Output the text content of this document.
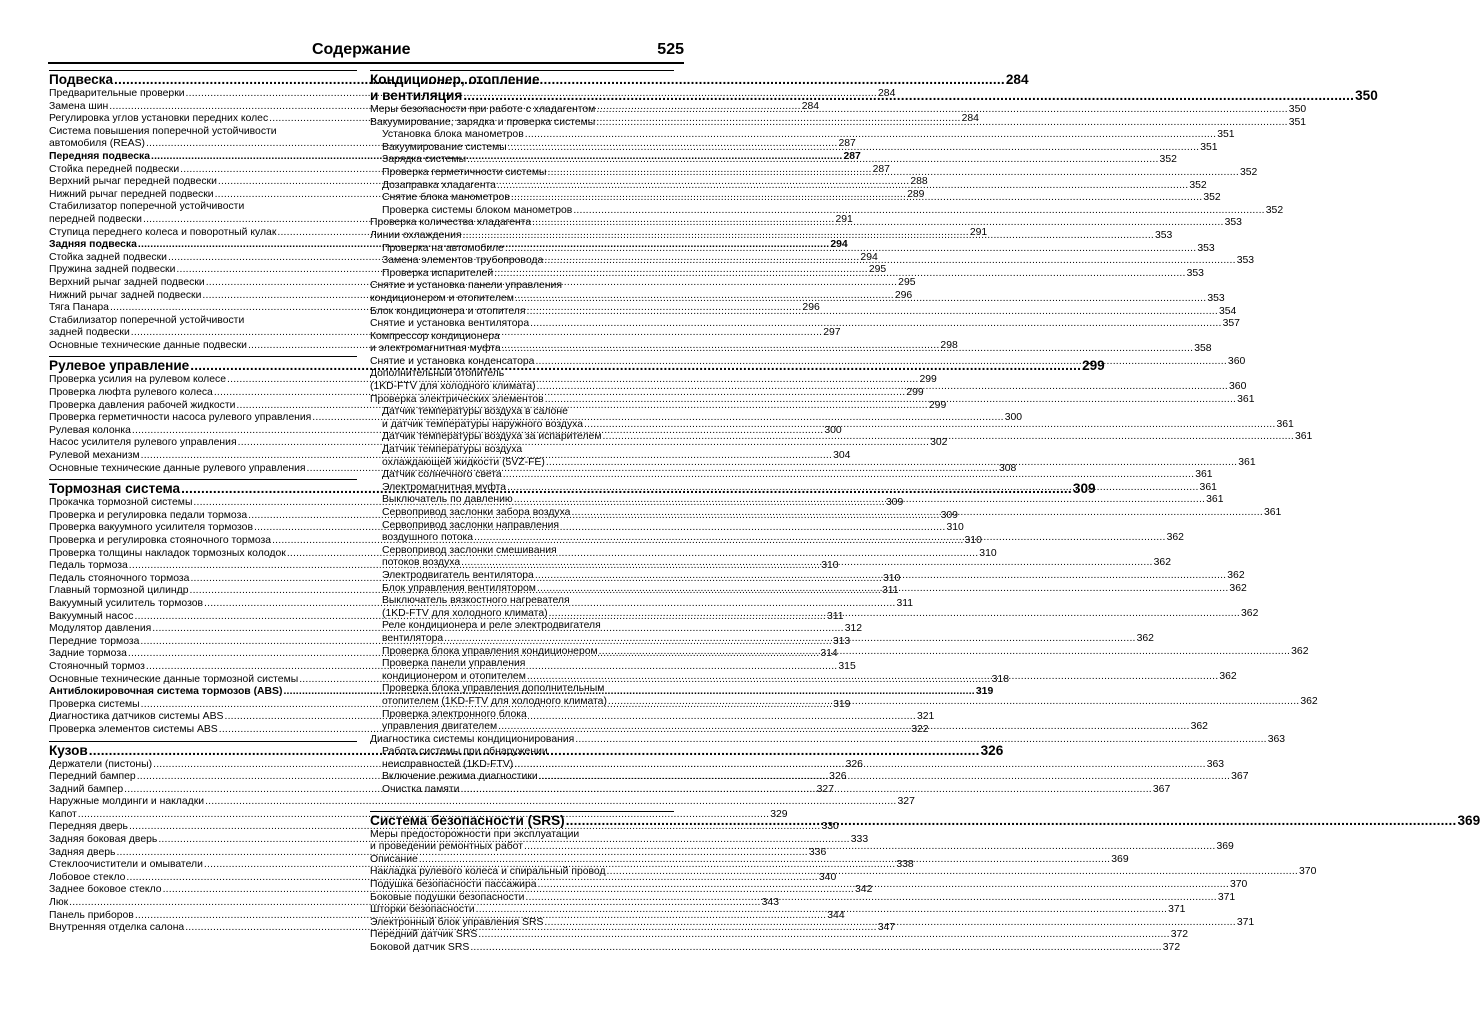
Содержание	525
Подвеска .....	284
Предварительные проверки .....	284
Замена шин .....	284
Регулировка углов установки передних колес .....	284
Система повышения поперечной устойчивости
автомобиля (REAS) .....	287
Передняя подвеска .....	287
Стойка передней подвески .....	287
Верхний рычаг передней подвески .....	288
Нижний рычаг передней подвески .....	289
Стабилизатор поперечной устойчивости
передней подвески .....	291
Ступица переднего колеса и поворотный кулак .....	291
Задняя подвеска .....	294
Стойка задней подвески .....	294
Пружина задней подвески .....	295
Верхний рычаг задней подвески .....	295
Нижний рычаг задней подвески .....	296
Тяга Панара .....	296
Стабилизатор поперечной устойчивости
задней подвески .....	297
Основные технические данные подвески .....	298
Рулевое управление .....	299
Проверка усилия на рулевом колесе .....	299
Проверка люфта рулевого колеса .....	299
Проверка давления рабочей жидкости .....	299
Проверка герметичности насоса рулевого управления .....	300
Рулевая колонка .....	300
Насос усилителя рулевого управления .....	302
Рулевой механизм .....	304
Основные технические данные рулевого управления .....	308
Тормозная система .....	309
Прокачка тормозной системы .....	309
Проверка и регулировка педали тормоза .....	309
Проверка вакуумного усилителя тормозов .....	310
Проверка и регулировка стояночного тормоза .....	310
Проверка толщины накладок тормозных колодок .....	310
Педаль тормоза .....	310
Педаль стояночного тормоза .....	310
Главный тормозной цилиндр .....	311
Вакуумный усилитель тормозов .....	311
Вакуумный насос .....	311
Модулятор давления .....	312
Передние тормоза .....	313
Задние тормоза .....	314
Стояночный тормоз .....	315
Основные технические данные тормозной системы .....	318
Антиблокировочная система тормозов (ABS) .....	319
Проверка системы .....	319
Диагностика датчиков системы ABS .....	321
Проверка элементов системы ABS .....	322
Кузов .....	326
Держатели (пистоны) .....	326
Передний бампер .....	326
Задний бампер .....	327
Наружные молдинги и накладки .....	327
Капот .....	329
Передняя дверь .....	330
Задняя боковая дверь .....	333
Задняя дверь .....	336
Стеклоочистители и омыватели .....	338
Лобовое стекло .....	340
Заднее боковое стекло .....	342
Люк .....	343
Панель приборов .....	344
Внутренняя отделка салона .....	347
Кондиционер, отопление
и вентиляция .....	350
Меры безопасности при работе с хладагентом .....	350
Вакуумирование, зарядка и проверка системы .....	351
Установка блока манометров .....	351
Вакуумирование системы .....	351
Зарядка системы .....	352
Проверка герметичности системы .....	352
Дозаправка хладагента .....	352
Снятие блока манометров .....	352
Проверка системы блоком манометров .....	352
Проверка количества хладагента .....	353
Линии охлаждения .....	353
Проверка на автомобиле .....	353
Замена элементов трубопровода .....	353
Проверка испарителей .....	353
Снятие и установка панели управления
кондиционером и отопителем .....	353
Блок кондиционера и отопителя .....	354
Снятие и установка вентилятора .....	357
Компрессор кондиционера
и электромагнитная муфта .....	358
Снятие и установка конденсатора .....	360
Дополнительный отопитель
(1KD-FTV для холодного климата) .....	360
Проверка электрических элементов .....	361
Датчик температуры воздуха в салоне
и датчик температуры наружного воздуха .....	361
Датчик температуры воздуха за испарителем .....	361
Датчик температуры воздуха
охлаждающей жидкости (5VZ-FE) .....	361
Датчик солнечного света .....	361
Электромагнитная муфта .....	361
Выключатель по давлению .....	361
Сервопривод заслонки забора воздуха .....	361
Сервопривод заслонки направления
воздушного потока .....	362
Сервопривод заслонки смешивания
потоков воздуха .....	362
Электродвигатель вентилятора .....	362
Блок управления вентилятором .....	362
Выключатель вязкостного нагревателя
(1KD-FTV для холодного климата) .....	362
Реле кондиционера и реле электродвигателя
вентилятора .....	362
Проверка блока управления кондиционером .....	362
Проверка панели управления
кондиционером и отопителем .....	362
Проверка блока управления дополнительным
отопителем (1KD-FTV для холодного климата) .....	362
Проверка электронного блока
управления двигателем .....	362
Диагностика системы кондиционирования .....	363
Работа системы при обнаружении
неисправностей (1KD-FTV) .....	363
Включение режима диагностики .....	367
Очистка памяти .....	367
Система безопасности (SRS) .....	369
Меры предосторожности при эксплуатации
и проведении ремонтных работ .....	369
Описание .....	369
Накладка рулевого колеса и спиральный провод .....	370
Подушка безопасности пассажира .....	370
Боковые подушки безопасности .....	371
Шторки безопасности .....	371
Электронный блок управления SRS .....	371
Передний датчик SRS .....	372
Боковой датчик SRS .....	372
